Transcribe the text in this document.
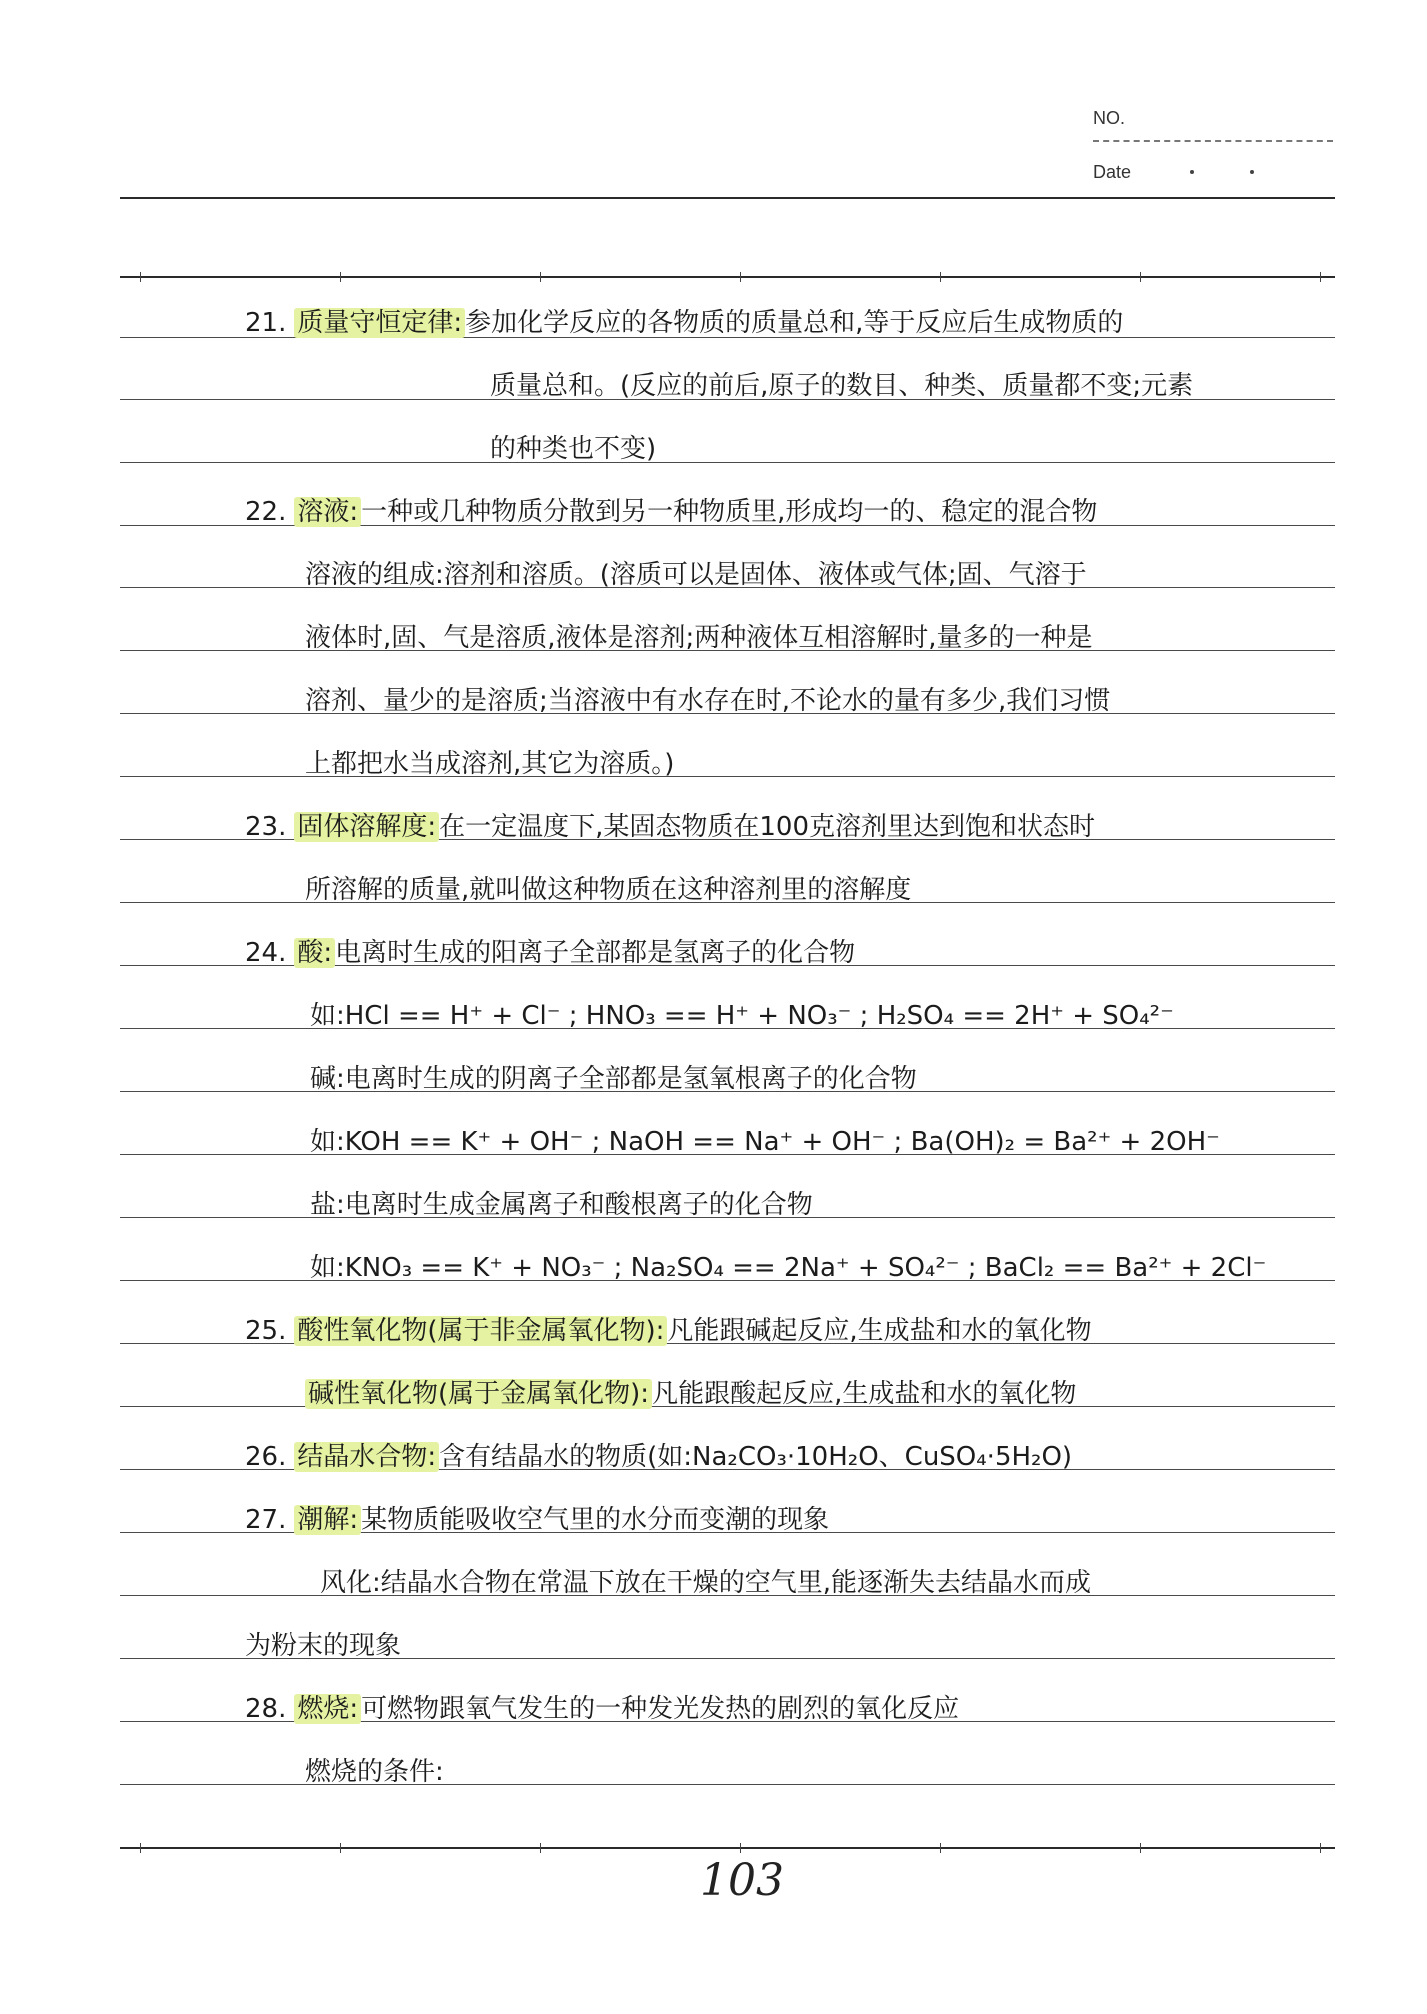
NO.
Date
21. 质量守恒定律: 参加化学反应的各物质的质量总和,等于反应后生成物质的
质量总和。(反应的前后,原子的数目、种类、质量都不变;元素
的种类也不变)
22. 溶液: 一种或几种物质分散到另一种物质里,形成均一的、稳定的混合物
溶液的组成:溶剂和溶质。(溶质可以是固体、液体或气体;固、气溶于
液体时,固、气是溶质,液体是溶剂;两种液体互相溶解时,量多的一种是
溶剂、量少的是溶质;当溶液中有水存在时,不论水的量有多少,我们习惯
上都把水当成溶剂,其它为溶质。)
23. 固体溶解度: 在一定温度下,某固态物质在100克溶剂里达到饱和状态时
所溶解的质量,就叫做这种物质在这种溶剂里的溶解度
24. 酸: 电离时生成的阳离子全部都是氢离子的化合物
如:HCl == H⁺ + Cl⁻ ; HNO₃ == H⁺ + NO₃⁻ ; H₂SO₄ == 2H⁺ + SO₄²⁻
碱:电离时生成的阴离子全部都是氢氧根离子的化合物
如:KOH == K⁺ + OH⁻ ; NaOH == Na⁺ + OH⁻ ; Ba(OH)₂ = Ba²⁺ + 2OH⁻
盐:电离时生成金属离子和酸根离子的化合物
如:KNO₃ == K⁺ + NO₃⁻ ; Na₂SO₄ == 2Na⁺ + SO₄²⁻ ; BaCl₂ == Ba²⁺ + 2Cl⁻
25. 酸性氧化物(属于非金属氧化物): 凡能跟碱起反应,生成盐和水的氧化物
碱性氧化物(属于金属氧化物): 凡能跟酸起反应,生成盐和水的氧化物
26. 结晶水合物: 含有结晶水的物质(如:Na₂CO₃·10H₂O、CuSO₄·5H₂O)
27. 潮解: 某物质能吸收空气里的水分而变潮的现象
风化:结晶水合物在常温下放在干燥的空气里,能逐渐失去结晶水而成
为粉末的现象
28. 燃烧: 可燃物跟氧气发生的一种发光发热的剧烈的氧化反应
燃烧的条件:
103
